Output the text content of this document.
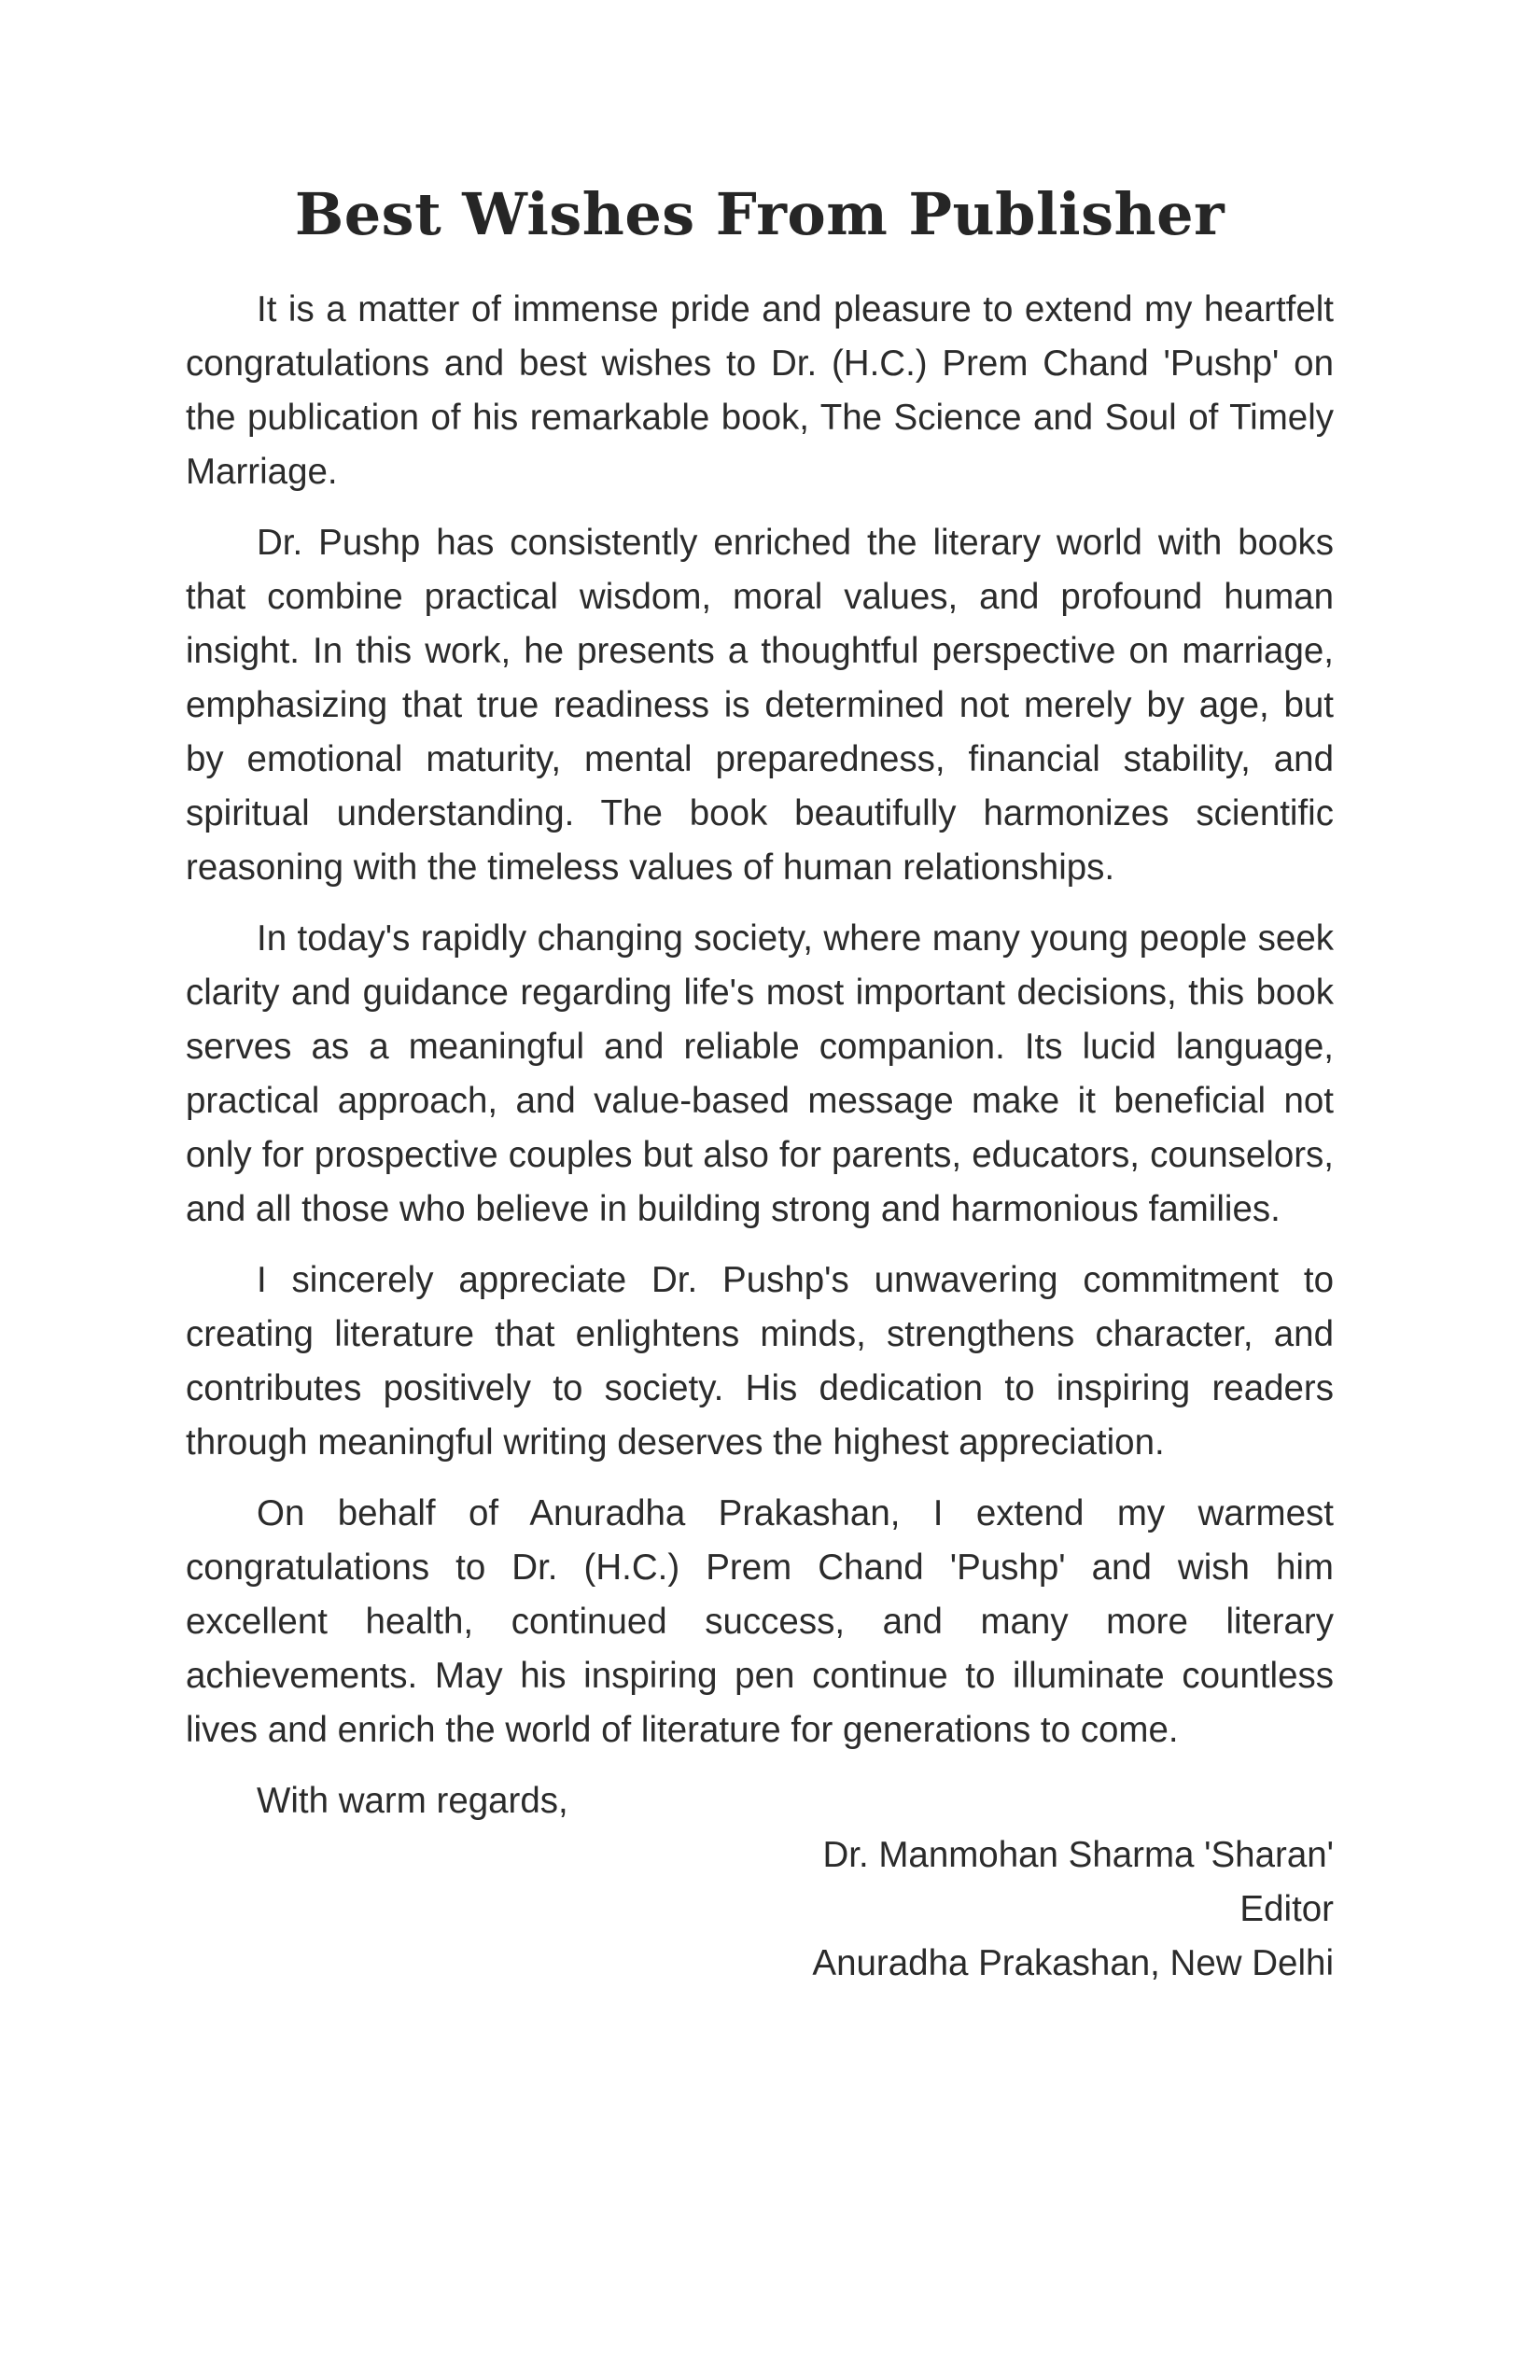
Best Wishes From Publisher

It is a matter of immense pride and pleasure to extend my heartfelt congratulations and best wishes to Dr. (H.C.) Prem Chand 'Pushp' on the publication of his remarkable book, The Science and Soul of Timely Marriage.

Dr. Pushp has consistently enriched the literary world with books that combine practical wisdom, moral values, and profound human insight. In this work, he presents a thoughtful perspective on marriage, emphasizing that true readiness is determined not merely by age, but by emotional maturity, mental preparedness, financial stability, and spiritual understanding. The book beautifully harmonizes scientific reasoning with the timeless values of human relationships.

In today's rapidly changing society, where many young people seek clarity and guidance regarding life's most important decisions, this book serves as a meaningful and reliable companion. Its lucid language, practical approach, and value-based message make it beneficial not only for prospective couples but also for parents, educators, counselors, and all those who believe in building strong and harmonious families.

I sincerely appreciate Dr. Pushp's unwavering commitment to creating literature that enlightens minds, strengthens character, and contributes positively to society. His dedication to inspiring readers through meaningful writing deserves the highest appreciation.

On behalf of Anuradha Prakashan, I extend my warmest congratulations to Dr. (H.C.) Prem Chand 'Pushp' and wish him excellent health, continued success, and many more literary achievements. May his inspiring pen continue to illuminate countless lives and enrich the world of literature for generations to come.

With warm regards,

Dr. Manmohan Sharma 'Sharan'
Editor
Anuradha Prakashan, New Delhi
